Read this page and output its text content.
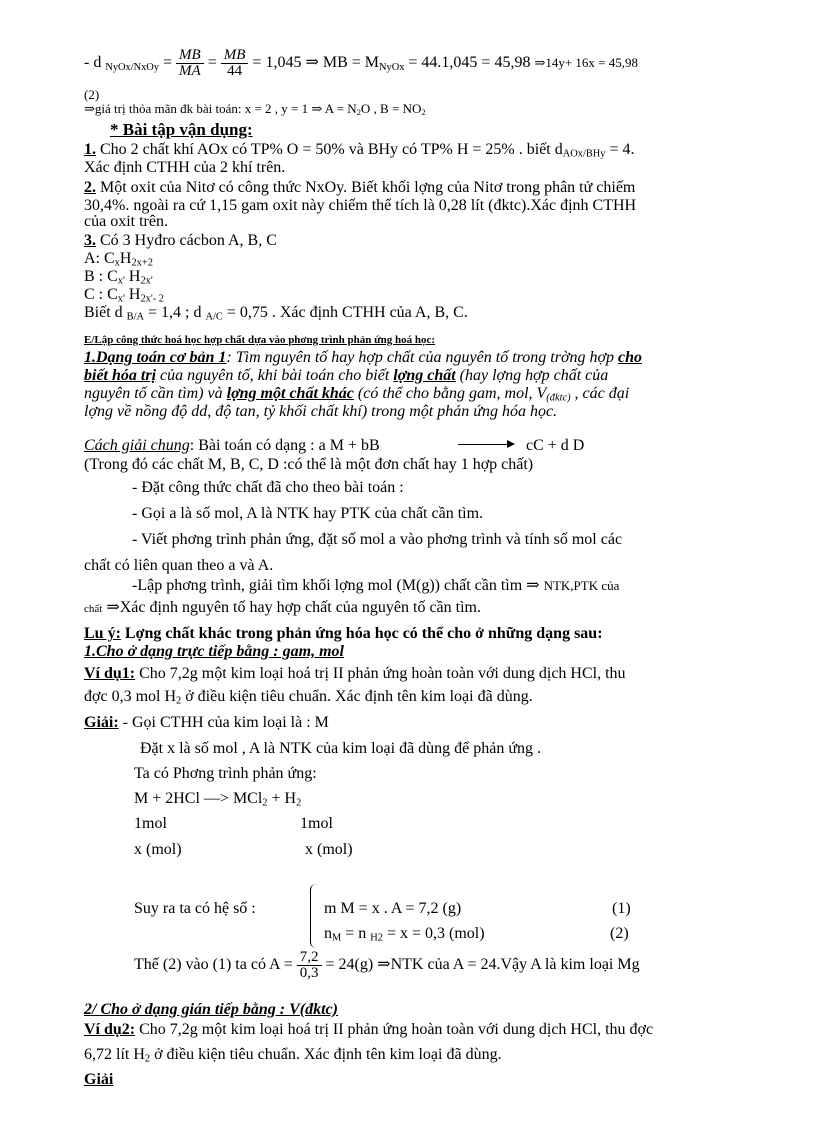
- d $_{NyOx/NxOy} = \frac{MB}{MA} = \frac{MB}{44} = 1,045$ ⇒ MB = $M_{NyOx} = 44.1,045 = 45,98$ ⇒14y+ 16x = 45,98
(2)
⇒giá trị thỏa mãn đk bài toán: x = 2 , y = 1 ⇒ $A = N_2O$ , $B = NO_2$
* Bài tập vận dụng:
1. Cho 2 chất khí AOx có TP% O = 50% và BHy có TP% H = 25% . biết $d_{AOx/BHy} = 4$.
Xác định CTHH của 2 khí trên.
2. Một oxit của Nitơ có công thức NxOy. Biết khối lợng của Nitơ trong phân tử chiếm
30,4%. ngoài ra cứ 1,15 gam oxit này chiếm thể tích là 0,28 lít (đktc).Xác định CTHH
của oxit trên.
3. Có 3 Hyđro cácbon A, B, C
A: $C_xH_{2x+2}$
B : $C_{x'}$ $H_{2x'}$
C : $C_{x'}$ $H_{2x'- 2}$
Biết d $_{B/A}$ = 1,4 ; d $_{A/C}$ = 0,75 . Xác định CTHH của A, B, C.
E/Lập công thức hoá học hợp chất dựa vào phơng trình phản ứng hoá học:
1.Dạng toán cơ bản 1: Tìm nguyên tố hay hợp chất của nguyên tố trong trờng hợp cho
biết hóa trị của nguyên tố, khi bài toán cho biết lợng chất (hay lợng hợp chất của
nguyên tố cần tìm) và lợng một chất khác (có thể cho bằng gam, mol, $V_{(đktc)}$ , các đại
lợng về nồng độ dd, độ tan, tỷ khối chất khí) trong một phản ứng hóa học.
Cách giải chung: Bài toán có dạng : a M + bB	→ cC + d D
(Trong đó các chất M, B, C, D :có thể là một đơn chất hay 1 hợp chất)
- Đặt công thức chất đã cho theo bài toán :
- Gọi a là số mol, A là NTK hay PTK của chất cần tìm.
- Viết phơng trình phản ứng, đặt số mol a vào phơng trình và tính số mol các
chất có liên quan theo a và A.
-Lập phơng trình, giải tìm khối lợng mol (M(g)) chất cần tìm ⇒ NTK,PTK của
chất ⇒Xác định nguyên tố hay hợp chất của nguyên tố cần tìm.
Lu ý: Lợng chất khác trong phản ứng hóa học có thể cho ở những dạng sau:
1.Cho ở dạng trực tiếp bằng : gam, mol
Ví dụ1: Cho 7,2g một kim loại hoá trị II phản ứng hoàn toàn với dung dịch HCl, thu
đợc 0,3 mol $H_2$ ở điều kiện tiêu chuẩn. Xác định tên kim loại đã dùng.
Giải: - Gọi CTHH của kim loại là : M
Đặt x là số mol , A là NTK của kim loại đã dùng để phản ứng .
Ta có Phơng trình phản ứng:
M + 2HCl —> $MCl_2 + H_2$
1mol	1mol
x (mol)	x (mol)
Suy ra ta có hệ số :	m M = x . A = 7,2 (g)	(1)
$n_M = n$ $_{H2}$ = x = 0,3 (mol)	(2)
Thế (2) vào (1) ta có $A = \frac{7,2}{0,3} = 24(g)$ ⇒NTK của A = 24.Vậy A là kim loại Mg
2/ Cho ở dạng gián tiếp bằng : V(đktc)
Ví dụ2: Cho 7,2g một kim loại hoá trị II phản ứng hoàn toàn với dung dịch HCl, thu đợc
6,72 lít $H_2$ ở điều kiện tiêu chuẩn. Xác định tên kim loại đã dùng.
Giải
